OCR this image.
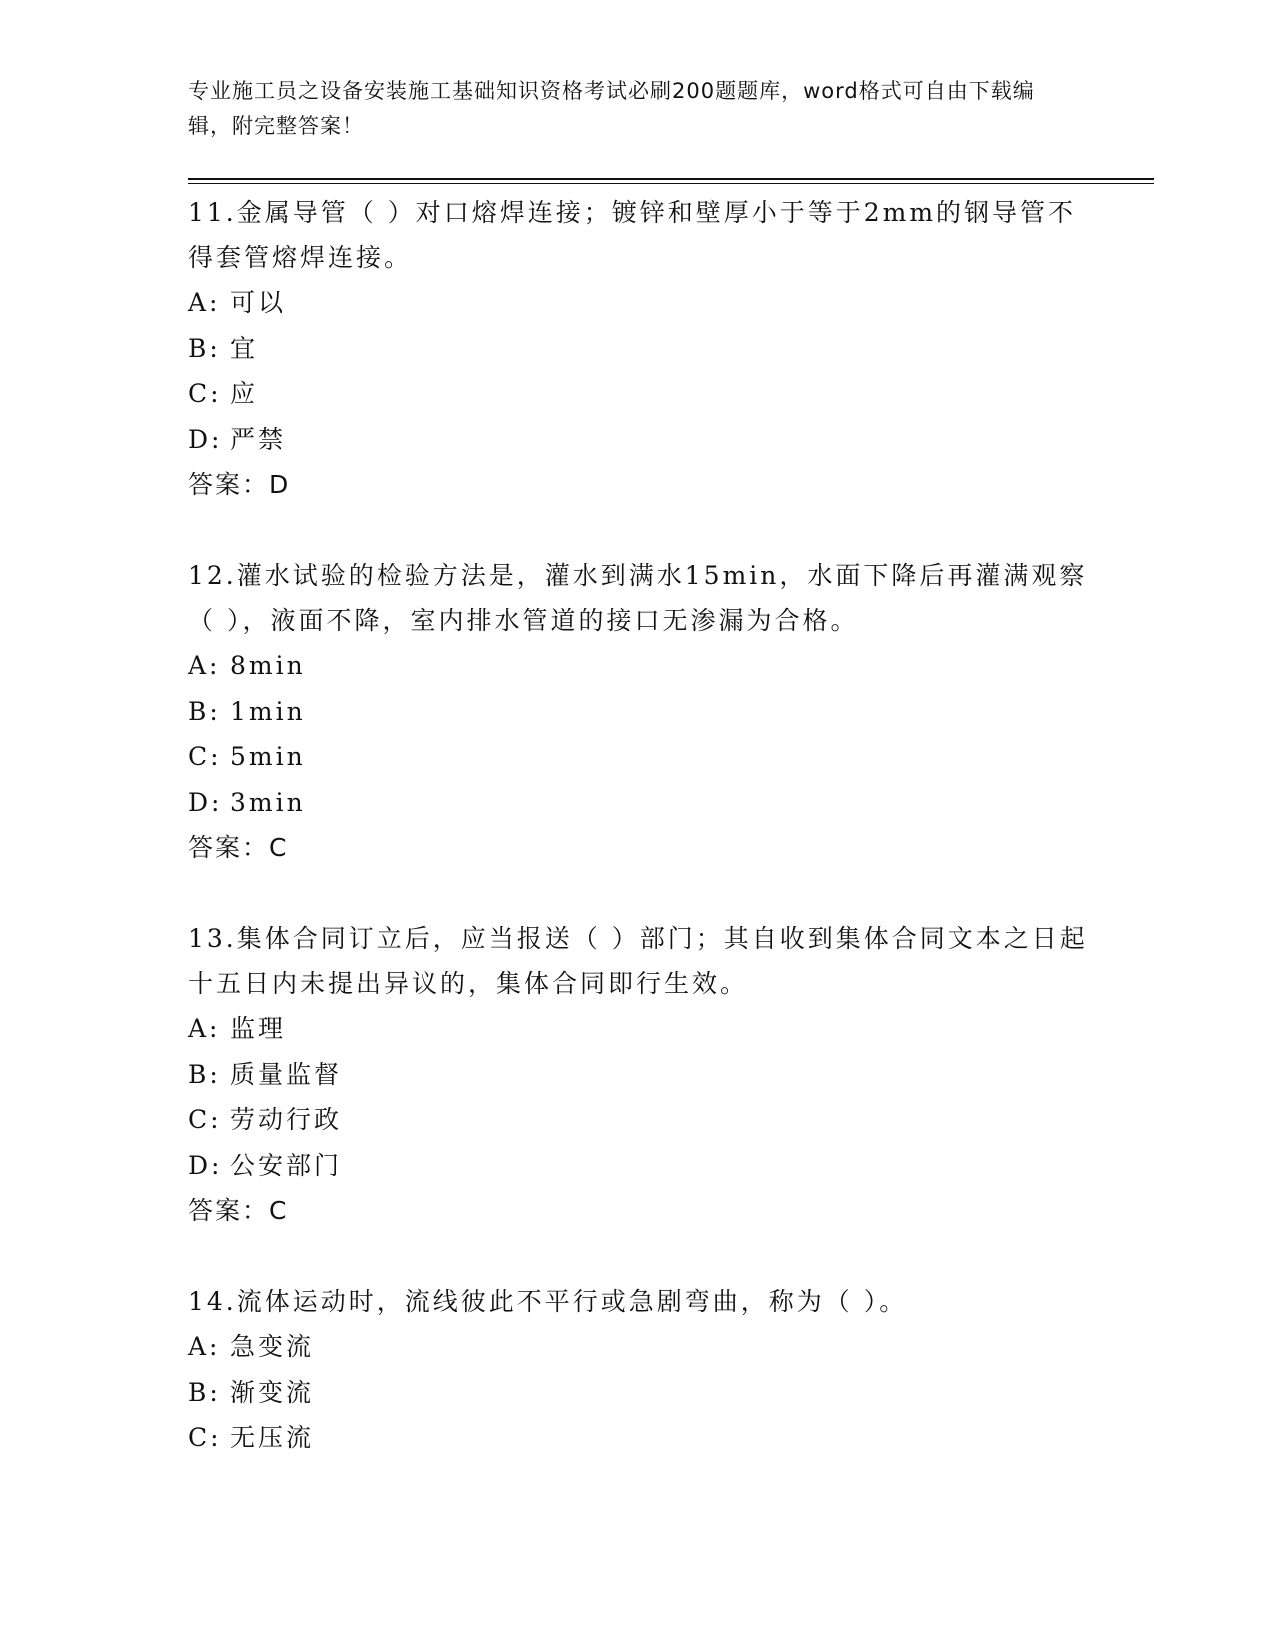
专业施工员之设备安装施工基础知识资格考试必刷200题题库，word格式可自由下载编辑，附完整答案！
11.金属导管（ ）对口熔焊连接；镀锌和壁厚小于等于2mm的钢导管不得套管熔焊连接。
A: 可以
B: 宜
C: 应
D: 严禁
答案：D
12.灌水试验的检验方法是，灌水到满水15min，水面下降后再灌满观察（ ），液面不降，室内排水管道的接口无渗漏为合格。
A: 8min
B: 1min
C: 5min
D: 3min
答案：C
13.集体合同订立后，应当报送（ ）部门；其自收到集体合同文本之日起十五日内未提出异议的，集体合同即行生效。
A: 监理
B: 质量监督
C: 劳动行政
D: 公安部门
答案：C
14.流体运动时，流线彼此不平行或急剧弯曲，称为（ ）。
A: 急变流
B: 渐变流
C: 无压流
